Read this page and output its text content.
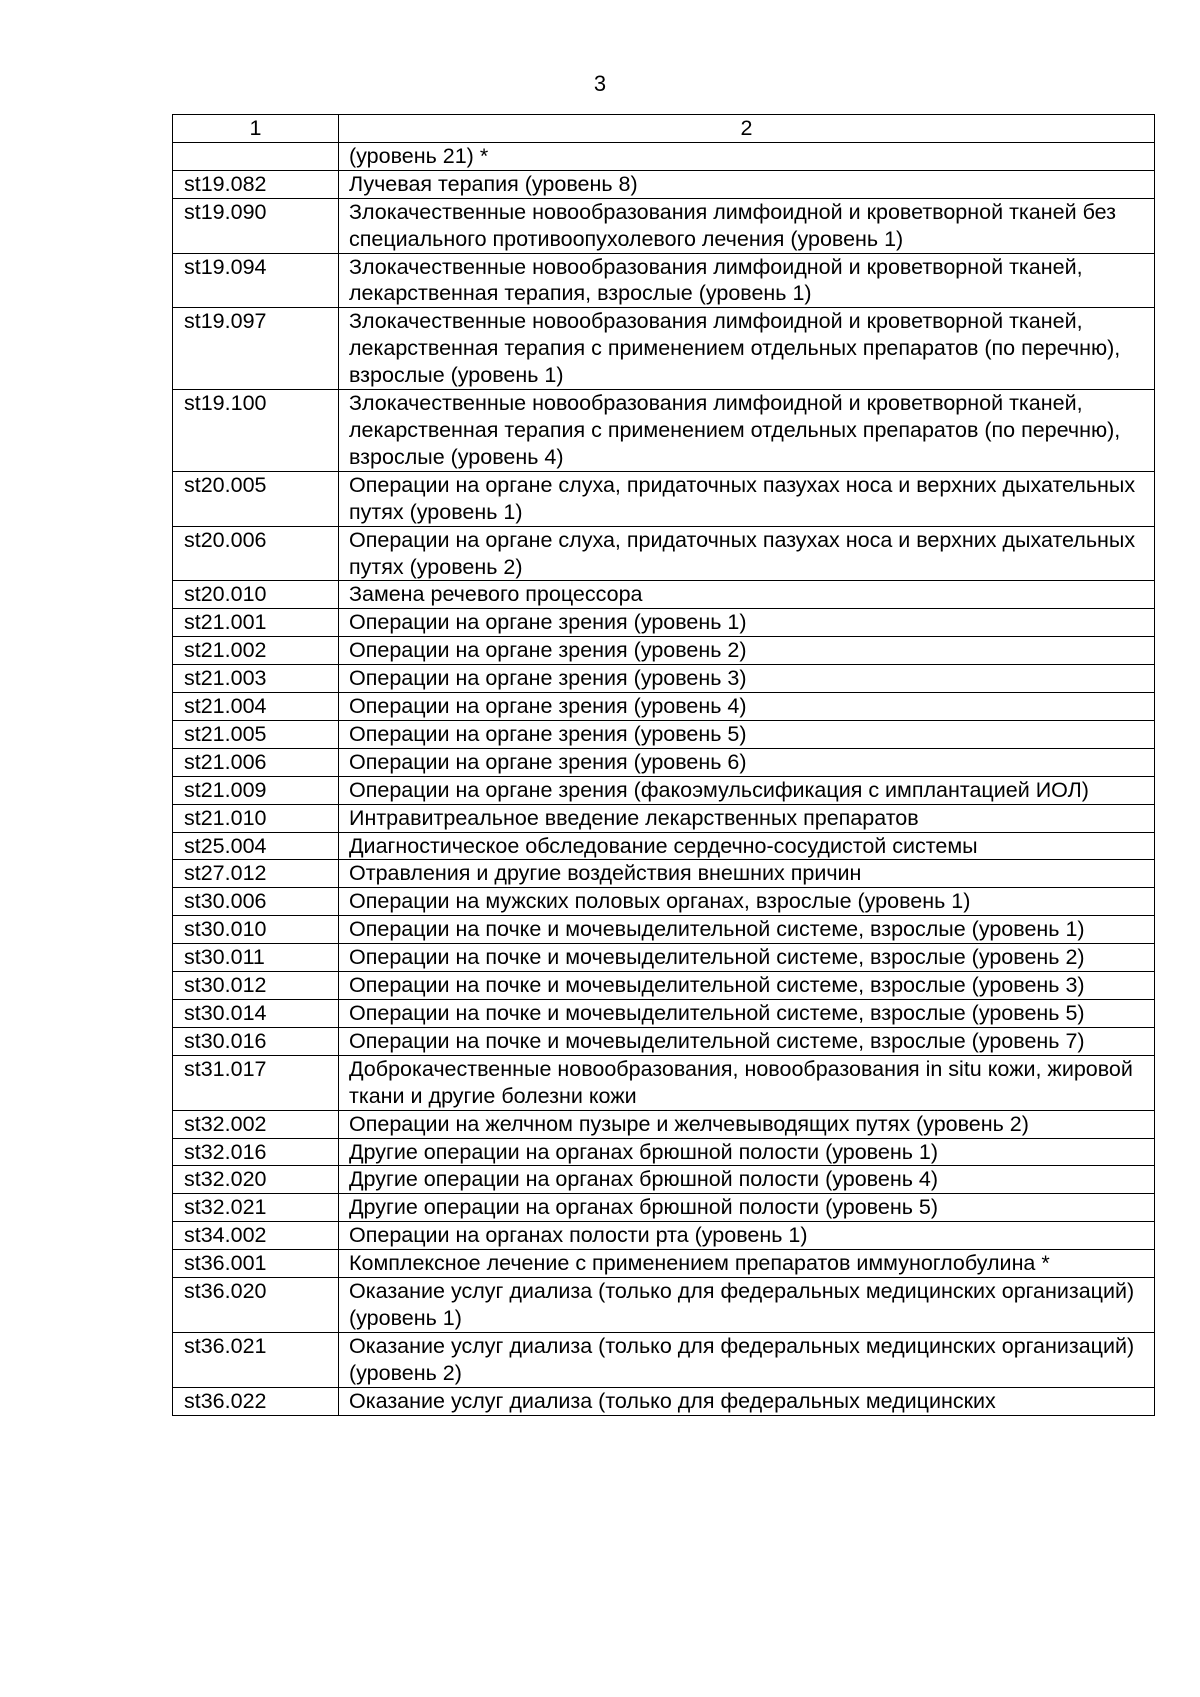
3
1	2
	(уровень 21) *
st19.082	Лучевая терапия (уровень 8)
st19.090	Злокачественные новообразования лимфоидной и кроветворной тканей без специального противоопухолевого лечения (уровень 1)
st19.094	Злокачественные новообразования лимфоидной и кроветворной тканей, лекарственная терапия, взрослые (уровень 1)
st19.097	Злокачественные новообразования лимфоидной и кроветворной тканей, лекарственная терапия с применением отдельных препаратов (по перечню), взрослые (уровень 1)
st19.100	Злокачественные новообразования лимфоидной и кроветворной тканей, лекарственная терапия с применением отдельных препаратов (по перечню), взрослые (уровень 4)
st20.005	Операции на органе слуха, придаточных пазухах носа и верхних дыхательных путях (уровень 1)
st20.006	Операции на органе слуха, придаточных пазухах носа и верхних дыхательных путях (уровень 2)
st20.010	Замена речевого процессора
st21.001	Операции на органе зрения (уровень 1)
st21.002	Операции на органе зрения (уровень 2)
st21.003	Операции на органе зрения (уровень 3)
st21.004	Операции на органе зрения (уровень 4)
st21.005	Операции на органе зрения (уровень 5)
st21.006	Операции на органе зрения (уровень 6)
st21.009	Операции на органе зрения (факоэмульсификация с имплантацией ИОЛ)
st21.010	Интравитреальное введение лекарственных препаратов
st25.004	Диагностическое обследование сердечно-сосудистой системы
st27.012	Отравления и другие воздействия внешних причин
st30.006	Операции на мужских половых органах, взрослые (уровень 1)
st30.010	Операции на почке и мочевыделительной системе, взрослые (уровень 1)
st30.011	Операции на почке и мочевыделительной системе, взрослые (уровень 2)
st30.012	Операции на почке и мочевыделительной системе, взрослые (уровень 3)
st30.014	Операции на почке и мочевыделительной системе, взрослые (уровень 5)
st30.016	Операции на почке и мочевыделительной системе, взрослые (уровень 7)
st31.017	Доброкачественные новообразования, новообразования in situ кожи, жировой ткани и другие болезни кожи
st32.002	Операции на желчном пузыре и желчевыводящих путях (уровень 2)
st32.016	Другие операции на органах брюшной полости (уровень 1)
st32.020	Другие операции на органах брюшной полости (уровень 4)
st32.021	Другие операции на органах брюшной полости (уровень 5)
st34.002	Операции на органах полости рта (уровень 1)
st36.001	Комплексное лечение с применением препаратов иммуноглобулина *
st36.020	Оказание услуг диализа (только для федеральных медицинских организаций) (уровень 1)
st36.021	Оказание услуг диализа (только для федеральных медицинских организаций) (уровень 2)
st36.022	Оказание услуг диализа (только для федеральных медицинских
